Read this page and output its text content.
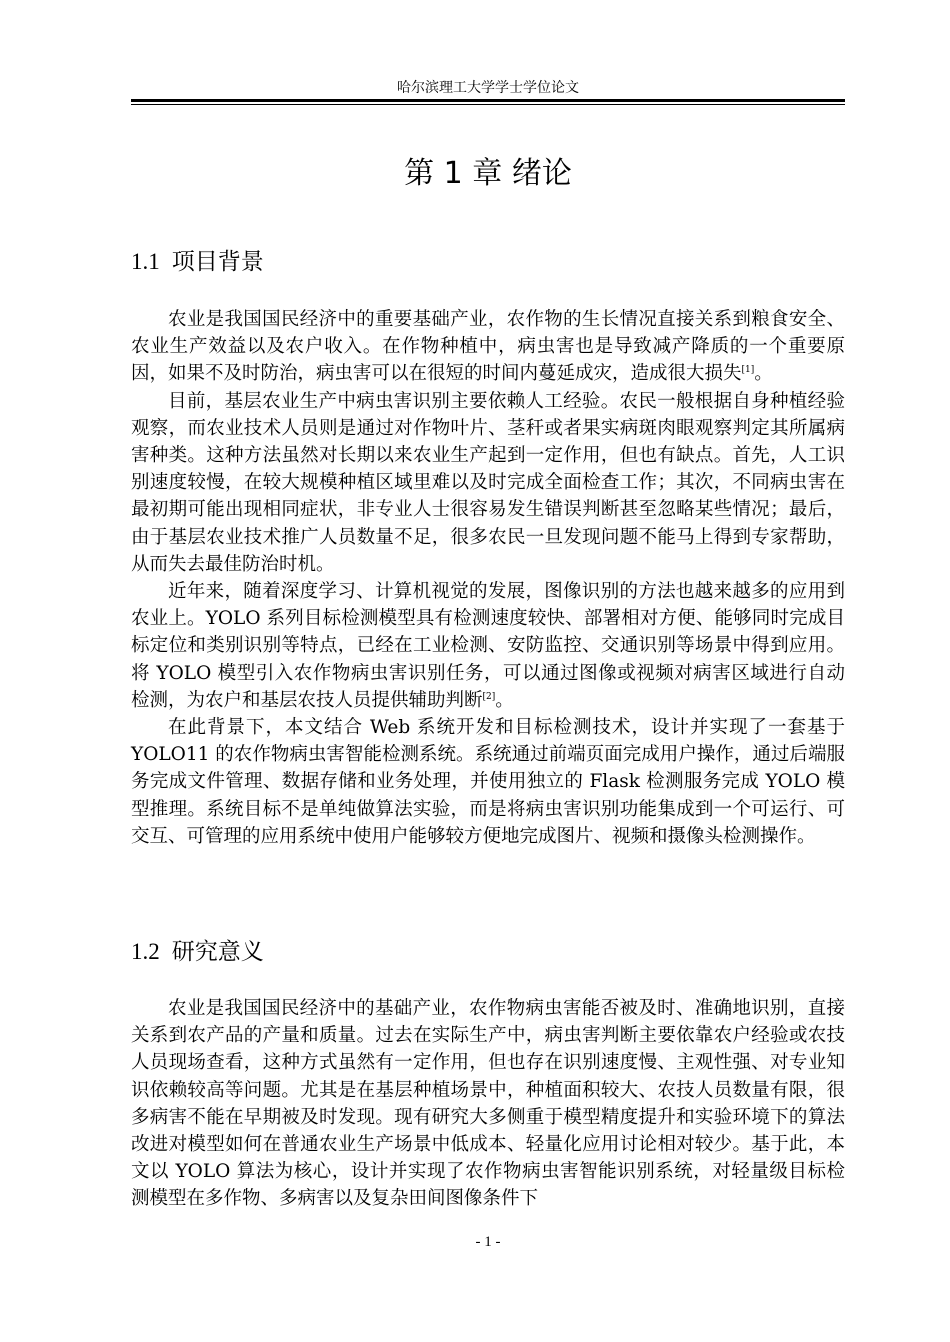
哈尔滨理工大学学士学位论文
第 1 章 绪论
1.1 项目背景

农业是我国国民经济中的重要基础产业，农作物的生长情况直接关系到粮食安全、农业生产效益以及农户收入。在作物种植中，病虫害也是导致减产降质的一个重要原因，如果不及时防治，病虫害可以在很短的时间内蔓延成灾，造成很大损失[1]。

目前，基层农业生产中病虫害识别主要依赖人工经验。农民一般根据自身种植经验观察，而农业技术人员则是通过对作物叶片、茎秆或者果实病斑肉眼观察判定其所属病害种类。这种方法虽然对长期以来农业生产起到一定作用，但也有缺点。首先，人工识别速度较慢，在较大规模种植区域里难以及时完成全面检查工作；其次，不同病虫害在最初期可能出现相同症状，非专业人士很容易发生错误判断甚至忽略某些情况；最后，由于基层农业技术推广人员数量不足，很多农民一旦发现问题不能马上得到专家帮助，从而失去最佳防治时机。

近年来，随着深度学习、计算机视觉的发展，图像识别的方法也越来越多的应用到农业上。YOLO 系列目标检测模型具有检测速度较快、部署相对方便、能够同时完成目标定位和类别识别等特点，已经在工业检测、安防监控、交通识别等场景中得到应用。将 YOLO 模型引入农作物病虫害识别任务，可以通过图像或视频对病害区域进行自动检测，为农户和基层农技人员提供辅助判断[2]。

在此背景下，本文结合 Web 系统开发和目标检测技术，设计并实现了一套基于 YOLO11 的农作物病虫害智能检测系统。系统通过前端页面完成用户操作，通过后端服务完成文件管理、数据存储和业务处理，并使用独立的 Flask 检测服务完成 YOLO 模型推理。系统目标不是单纯做算法实验，而是将病虫害识别功能集成到一个可运行、可交互、可管理的应用系统中使用户能够较方便地完成图片、视频和摄像头检测操作。

1.2 研究意义

农业是我国国民经济中的基础产业，农作物病虫害能否被及时、准确地识别，直接关系到农产品的产量和质量。过去在实际生产中，病虫害判断主要依靠农户经验或农技人员现场查看，这种方式虽然有一定作用，但也存在识别速度慢、主观性强、对专业知识依赖较高等问题。尤其是在基层种植场景中，种植面积较大、农技人员数量有限，很多病害不能在早期被及时发现。现有研究大多侧重于模型精度提升和实验环境下的算法改进对模型如何在普通农业生产场景中低成本、轻量化应用讨论相对较少。基于此，本文以 YOLO 算法为核心，设计并实现了农作物病虫害智能识别系统，对轻量级目标检测模型在多作物、多病害以及复杂田间图像条件下

- 1 -
